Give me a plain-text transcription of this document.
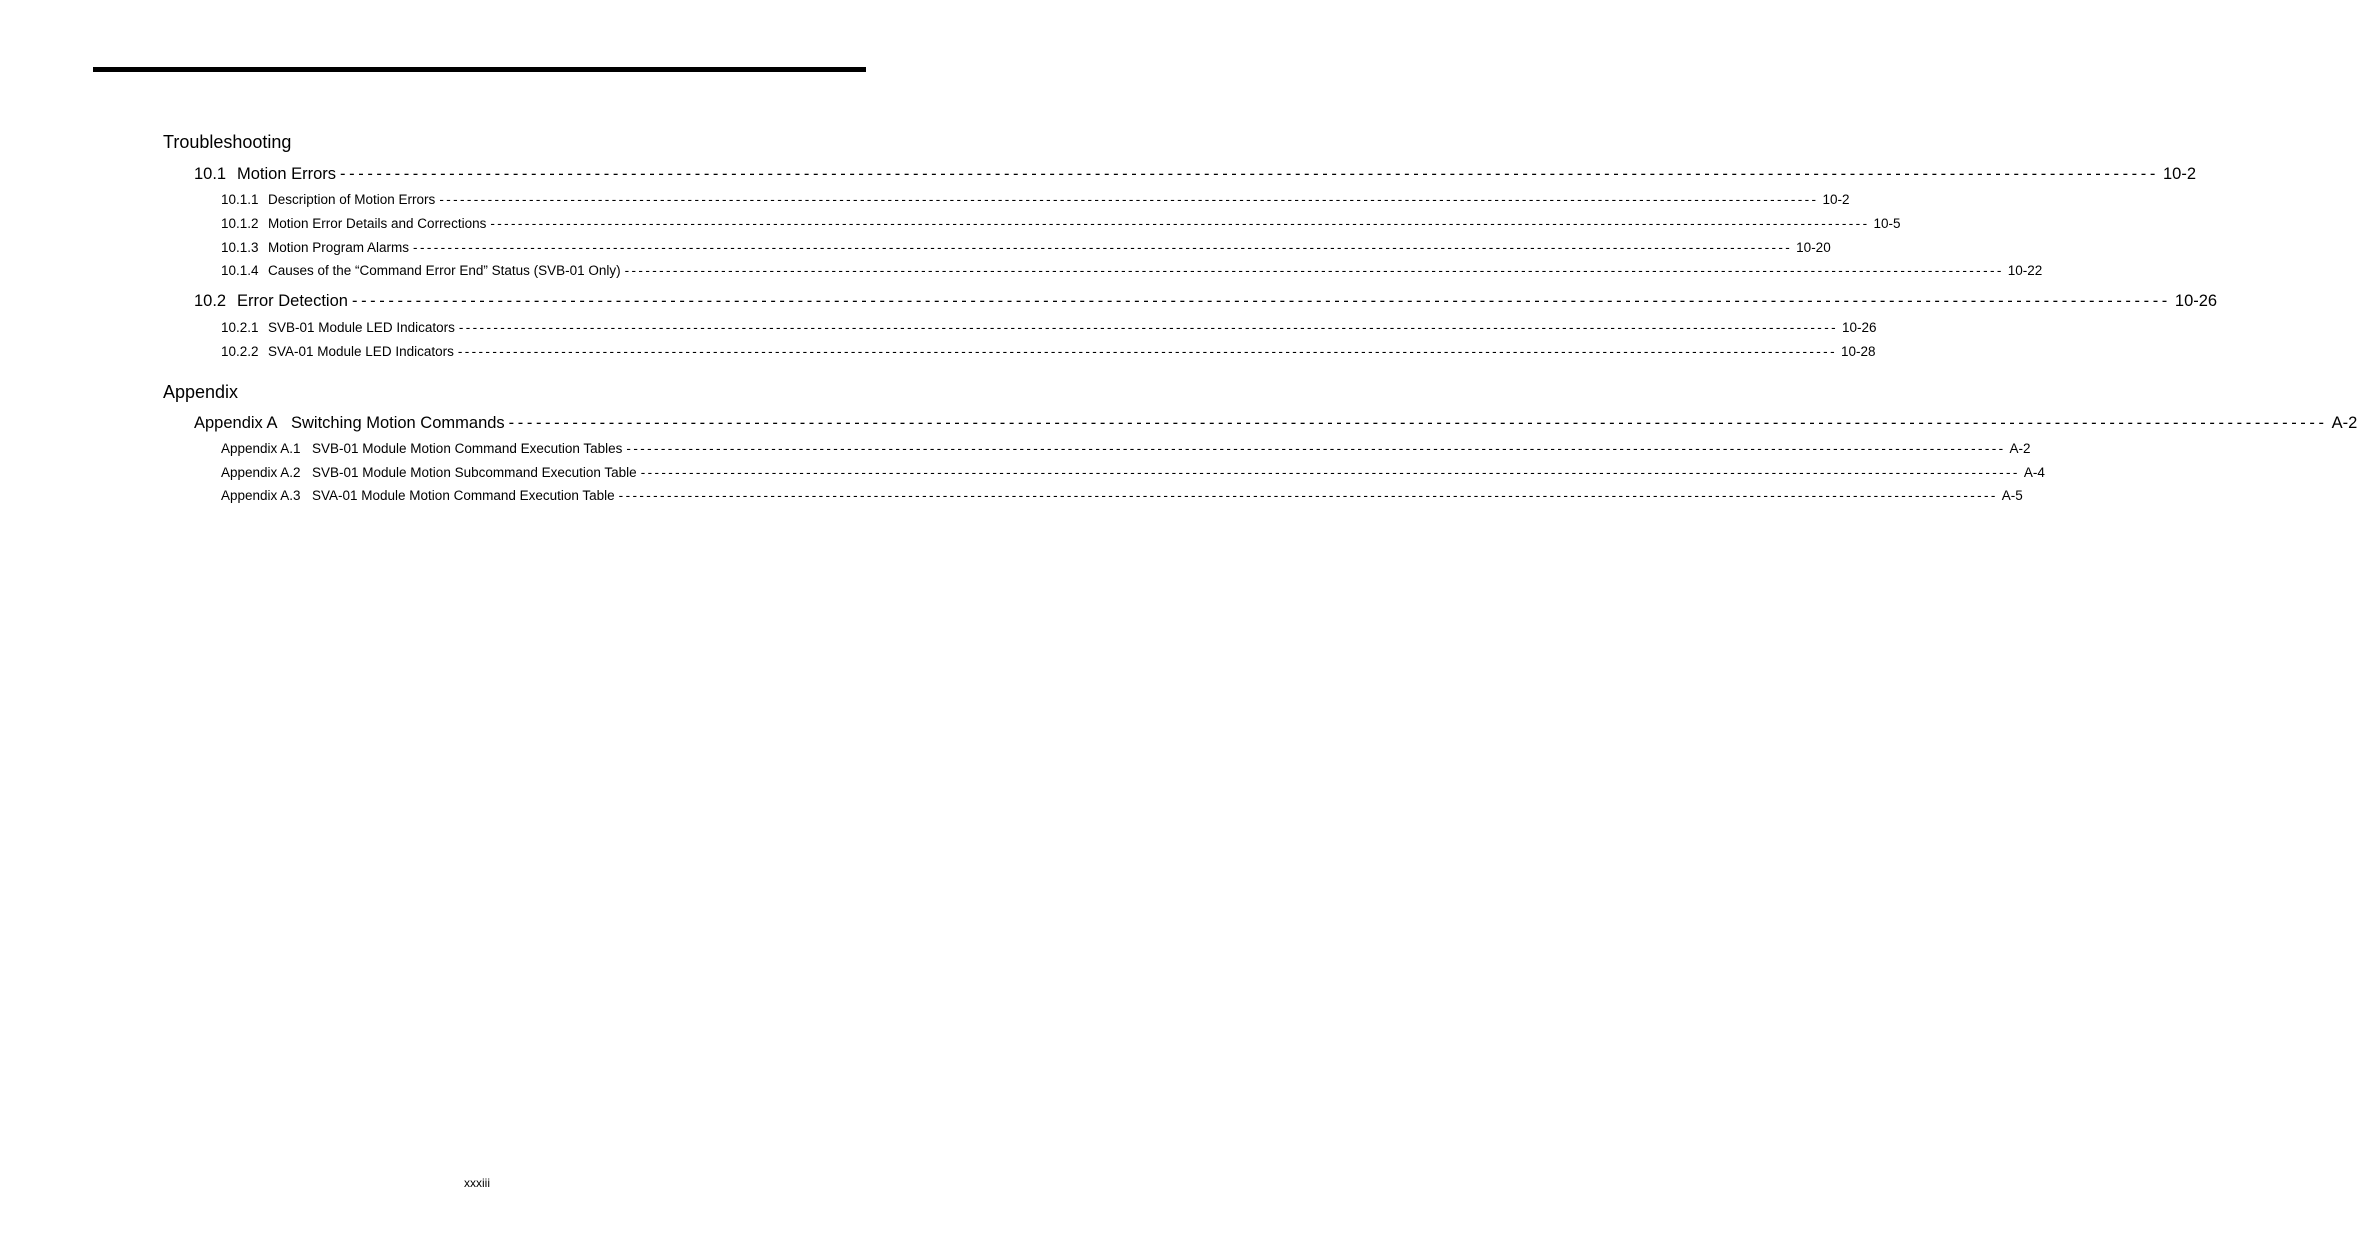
Troubleshooting
10.1 Motion Errors -------------------------------------------------------------------------------------------------------------------------------------------------------------------------------------------------------- 10-2
10.1.1 Description of Motion Errors -------------------------------------------------------------------------------------------------------------------------------------------------------------------------------------------------------- 10-2
10.1.2 Motion Error Details and Corrections -------------------------------------------------------------------------------------------------------------------------------------------------------------------------------------------------------- 10-5
10.1.3 Motion Program Alarms -------------------------------------------------------------------------------------------------------------------------------------------------------------------------------------------------------- 10-20
10.1.4 Causes of the “Command Error End” Status (SVB-01 Only) -------------------------------------------------------------------------------------------------------------------------------------------------------------------------------------------------------- 10-22
10.2 Error Detection -------------------------------------------------------------------------------------------------------------------------------------------------------------------------------------------------------- 10-26
10.2.1 SVB-01 Module LED Indicators -------------------------------------------------------------------------------------------------------------------------------------------------------------------------------------------------------- 10-26
10.2.2 SVA-01 Module LED Indicators -------------------------------------------------------------------------------------------------------------------------------------------------------------------------------------------------------- 10-28
Appendix
Appendix A Switching Motion Commands -------------------------------------------------------------------------------------------------------------------------------------------------------------------------------------------------------- A-2
Appendix A.1 SVB-01 Module Motion Command Execution Tables -------------------------------------------------------------------------------------------------------------------------------------------------------------------------------------------------------- A-2
Appendix A.2 SVB-01 Module Motion Subcommand Execution Table -------------------------------------------------------------------------------------------------------------------------------------------------------------------------------------------------------- A-4
Appendix A.3 SVA-01 Module Motion Command Execution Table -------------------------------------------------------------------------------------------------------------------------------------------------------------------------------------------------------- A-5
xxxiii
